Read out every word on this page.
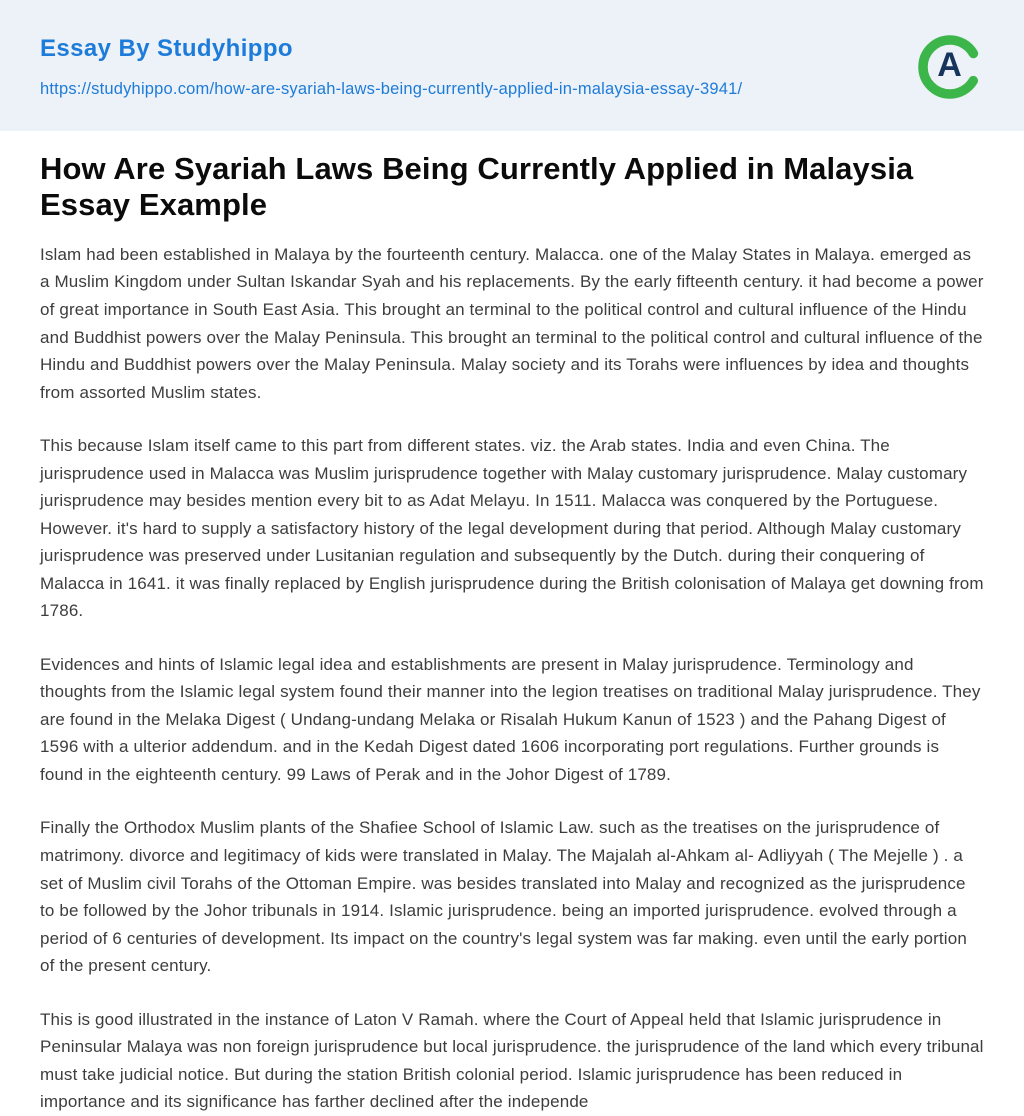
Essay By Studyhippo
https://studyhippo.com/how-are-syariah-laws-being-currently-applied-in-malaysia-essay-3941/
A
How Are Syariah Laws Being Currently Applied in Malaysia Essay Example

Islam had been established in Malaya by the fourteenth century. Malacca. one of the Malay States in Malaya. emerged as a Muslim Kingdom under Sultan Iskandar Syah and his replacements. By the early fifteenth century. it had become a power of great importance in South East Asia. This brought an terminal to the political control and cultural influence of the Hindu and Buddhist powers over the Malay Peninsula. This brought an terminal to the political control and cultural influence of the Hindu and Buddhist powers over the Malay Peninsula. Malay society and its Torahs were influences by idea and thoughts from assorted Muslim states.

This because Islam itself came to this part from different states. viz. the Arab states. India and even China. The jurisprudence used in Malacca was Muslim jurisprudence together with Malay customary jurisprudence. Malay customary jurisprudence may besides mention every bit to as Adat Melayu. In 1511. Malacca was conquered by the Portuguese. However. it's hard to supply a satisfactory history of the legal development during that period. Although Malay customary jurisprudence was preserved under Lusitanian regulation and subsequently by the Dutch. during their conquering of Malacca in 1641. it was finally replaced by English jurisprudence during the British colonisation of Malaya get downing from 1786.

Evidences and hints of Islamic legal idea and establishments are present in Malay jurisprudence. Terminology and thoughts from the Islamic legal system found their manner into the legion treatises on traditional Malay jurisprudence. They are found in the Melaka Digest ( Undang-undang Melaka or Risalah Hukum Kanun of 1523 ) and the Pahang Digest of 1596 with a ulterior addendum. and in the Kedah Digest dated 1606 incorporating port regulations. Further grounds is found in the eighteenth century. 99 Laws of Perak and in the Johor Digest of 1789.

Finally the Orthodox Muslim plants of the Shafiee School of Islamic Law. such as the treatises on the jurisprudence of matrimony. divorce and legitimacy of kids were translated in Malay. The Majalah al-Ahkam al- Adliyyah ( The Mejelle ) . a set of Muslim civil Torahs of the Ottoman Empire. was besides translated into Malay and recognized as the jurisprudence to be followed by the Johor tribunals in 1914. Islamic jurisprudence. being an imported jurisprudence. evolved through a period of 6 centuries of development. Its impact on the country's legal system was far making. even until the early portion of the present century.

This is good illustrated in the instance of Laton V Ramah. where the Court of Appeal held that Islamic jurisprudence in Peninsular Malaya was non foreign jurisprudence but local jurisprudence. the jurisprudence of the land which every tribunal must take judicial notice. But during the station British colonial period. Islamic jurisprudence has been reduced in importance and its significance has farther declined after the independe
